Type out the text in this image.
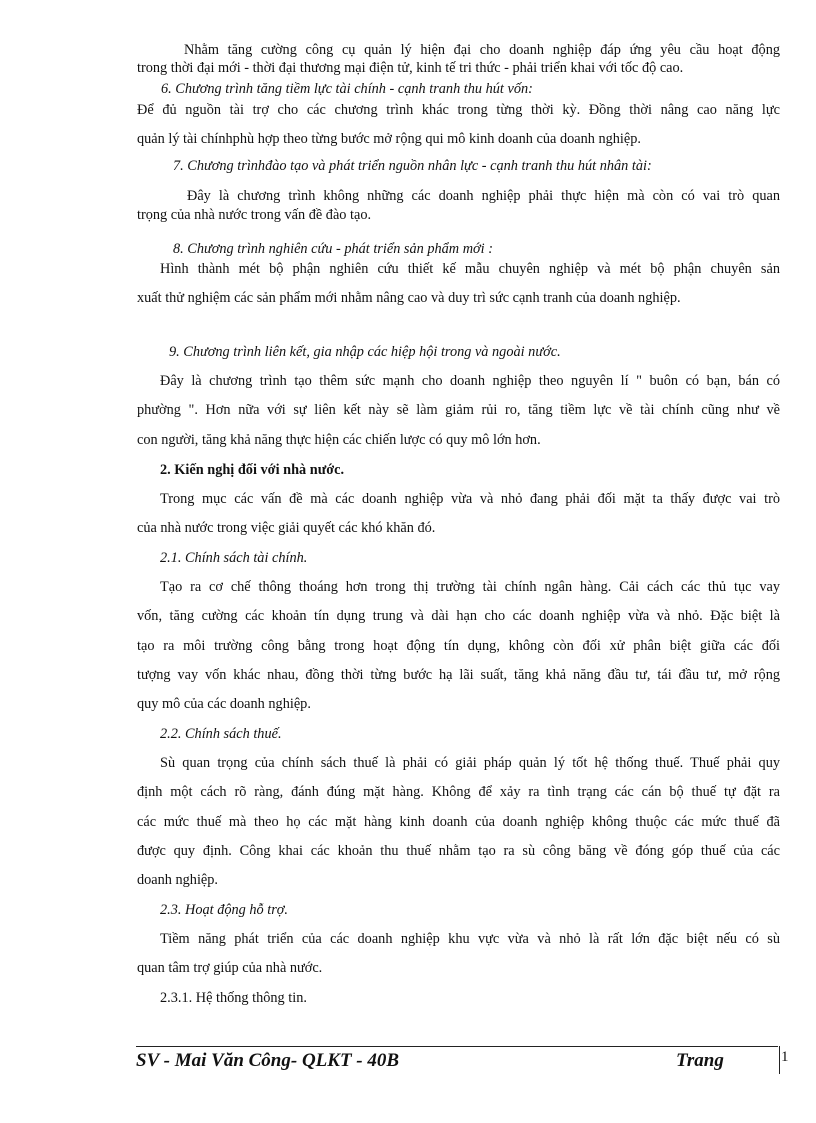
Nhằm tăng cường công cụ quản lý hiện đại cho doanh nghiệp đáp ứng yêu cầu hoạt động
trong thời đại mới - thời đại thương mại điện tử, kinh tế tri thức - phải triển khai với tốc độ cao.
6. Chương trình tăng tiềm lực tài chính - cạnh tranh thu hút vốn:
Để đủ nguồn tài trợ cho các chương trình khác trong từng thời kỳ. Đồng thời nâng cao năng lực
quản lý tài chínhphù hợp theo từng bước mở rộng qui mô kinh doanh của doanh nghiệp.
7. Chương trìnhđào tạo và phát triển nguồn nhân lực - cạnh tranh thu hút nhân tài:
Đây là chương trình không những các doanh nghiệp phải thực hiện mà còn có vai trò quan
trọng của nhà nước trong vấn đề đào tạo.
8. Chương trình nghiên cứu - phát triển sản phẩm mới :
Hình thành mét bộ phận nghiên cứu thiết kế mẫu chuyên nghiệp và mét bộ phận chuyên sản
xuất thử nghiệm các sản phẩm mới nhằm nâng cao và duy trì sức cạnh tranh của doanh nghiệp.
9. Chương trình liên kết, gia nhập các hiệp hội trong và ngoài nước.
Đây là chương trình tạo thêm sức mạnh cho doanh nghiệp theo nguyên lí " buôn có bạn, bán có
phường ". Hơn nữa với sự liên kết này sẽ làm giảm rủi ro, tăng tiềm lực về tài chính cũng như về
con người, tăng khả năng thực hiện các chiến lược có quy mô lớn hơn.
2. Kiến nghị đối với nhà nước.
Trong mục các vấn đề mà các doanh nghiệp vừa và nhỏ đang phải đối mặt ta thấy được vai trò
của nhà nước trong việc giải quyết các khó khăn đó.
2.1. Chính sách tài chính.
Tạo ra cơ chế thông thoáng hơn trong thị trường tài chính ngân hàng. Cải cách các thủ tục vay
vốn, tăng cường các khoản tín dụng trung và dài hạn cho các doanh nghiệp vừa và nhỏ. Đặc biệt là
tạo ra môi trường công bằng trong hoạt động tín dụng, không còn đối xử phân biệt giữa các đối
tượng vay vốn khác nhau, đồng thời từng bước hạ lãi suất, tăng khả năng đầu tư, tái đầu tư, mở rộng
quy mô của các doanh nghiệp.
2.2. Chính sách thuế.
Sù quan trọng của chính sách thuế là phải có giải pháp quản lý tốt hệ thống thuế. Thuế phải quy
định một cách rõ ràng, đánh đúng mặt hàng. Không để xảy ra tình trạng các cán bộ thuế tự đặt ra
các mức thuế mà theo họ các mặt hàng kinh doanh của doanh nghiệp không thuộc các mức thuế đã
được quy định. Công khai các khoản thu thuế nhằm tạo ra sù công băng về đóng góp thuế của các
doanh nghiệp.
2.3. Hoạt động hỗ trợ.
Tiềm năng phát triển của các doanh nghiệp khu vực vừa và nhỏ là rất lớn đặc biệt nếu có sù
quan tâm trợ giúp của nhà nước.
2.3.1. Hệ thống thông tin.
SV - Mai Văn Công- QLKT - 40B	Trang	1
